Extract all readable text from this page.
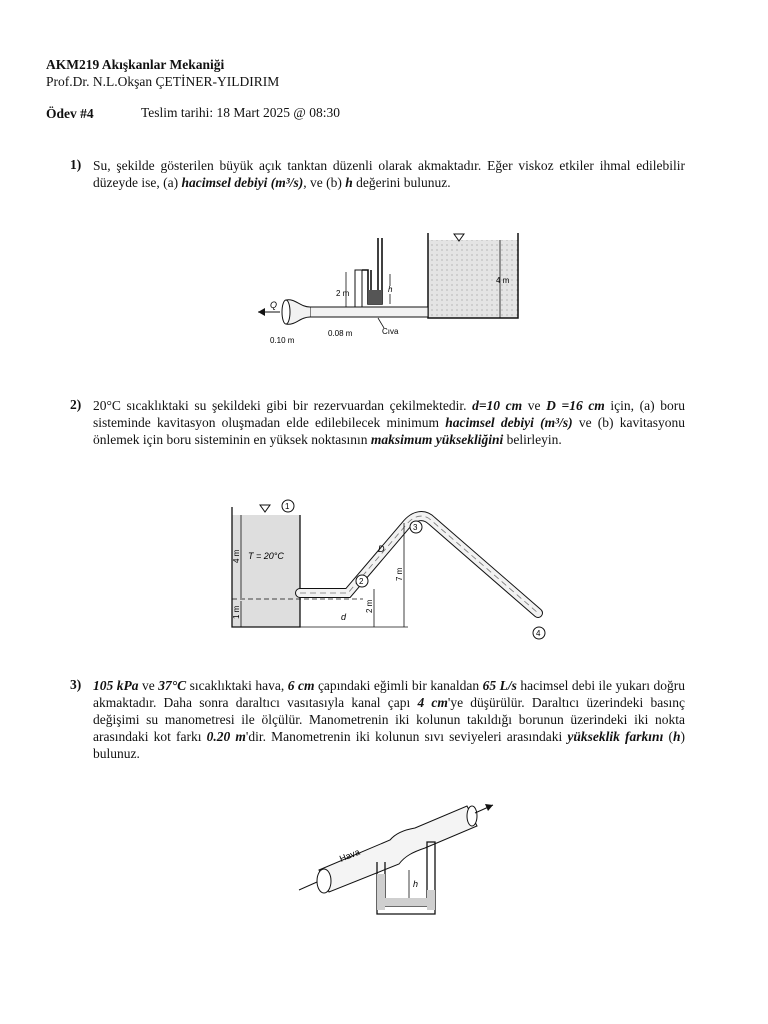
AKM219 Akışkanlar Mekaniği
Prof.Dr. N.L.Okşan ÇETİNER-YILDIRIM
Ödev #4	Teslim tarihi: 18 Mart 2025 @ 08:30
1) Su, şekilde gösterilen büyük açık tanktan düzenli olarak akmaktadır. Eğer viskoz etkiler ihmal edilebilir düzeyde ise, (a) hacimsel debiyi (m³/s), ve (b) h değerini bulunuz.
4 m
Q
2 m	h
Cıva
0.10 m
0.08 m
2) 20°C sıcaklıktaki su şekildeki gibi bir rezervuardan çekilmektedir. d=10 cm ve D =16 cm için, (a) boru sisteminde kavitasyon oluşmadan elde edilebilecek minimum hacimsel debiyi (m³/s) ve (b) kavitasyonu önlemek için boru sisteminin en yüksek noktasının maksimum yüksekliğini belirleyin.
1
T = 20°C
4 m
1 m
2
3
4
D
d
2 m
7 m
3) 105 kPa ve 37°C sıcaklıktaki hava, 6 cm çapındaki eğimli bir kanaldan 65 L/s hacimsel debi ile yukarı doğru akmaktadır. Daha sonra daraltıcı vasıtasıyla kanal çapı 4 cm'ye düşürülür. Daraltıcı üzerindeki basınç değişimi su manometresi ile ölçülür. Manometrenin iki kolunun takıldığı borunun üzerindeki iki nokta arasındaki kot farkı 0.20 m'dir. Manometrenin iki kolunun sıvı seviyeleri arasındaki yükseklik farkını (h) bulunuz.
Hava
h
